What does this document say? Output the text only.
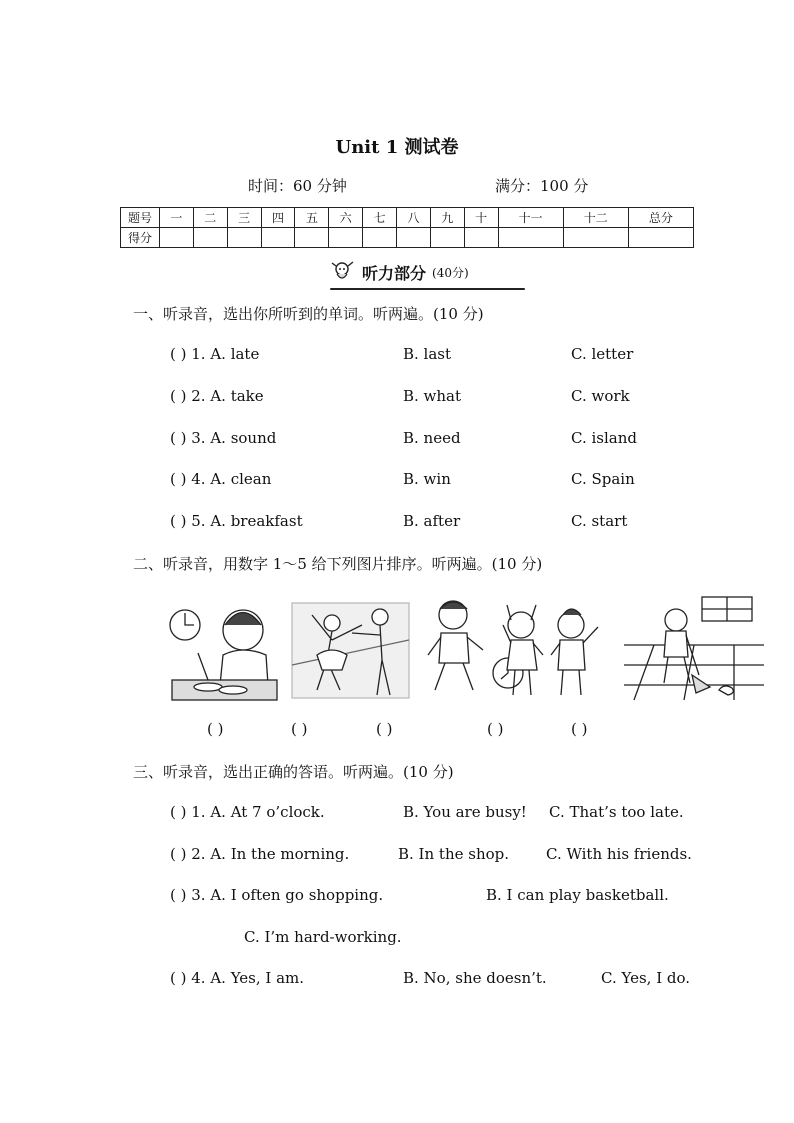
Unit 1 测试卷
时间：60 分钟	满分：100 分
题号	一	二	三	四	五	六	七	八	九	十	十一	十二	总分
得分													
听力部分 (40分)
一、听录音，选出你所听到的单词。听两遍。(10 分)
( ) 1. A. late	B. last	C. letter
( ) 2. A. take	B. what	C. work
( ) 3. A. sound	B. need	C. island
( ) 4. A. clean	B. win	C. Spain
( ) 5. A. breakfast	B. after	C. start
二、听录音，用数字 1～5 给下列图片排序。听两遍。(10 分)
( )	( )	( )	( )	( )
三、听录音，选出正确的答语。听两遍。(10 分)
( ) 1. A. At 7 o’clock.	B. You are busy! C. That’s too late.
( ) 2. A. In the morning.	B. In the shop. C. With his friends.
( ) 3. A. I often go shopping.	B. I can play basketball.
C. I’m hard-working.
( ) 4. A. Yes, I am.	B. No, she doesn’t.	C. Yes, I do.
